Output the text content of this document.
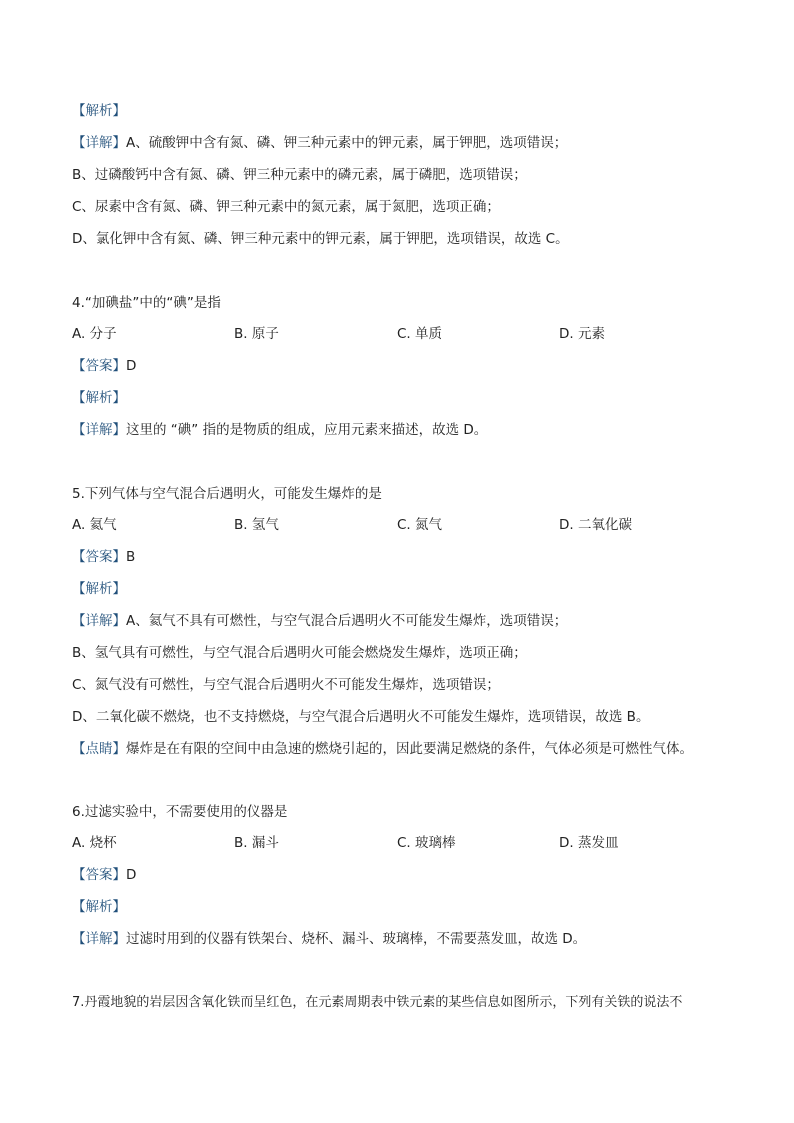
【解析】
【详解】A、硫酸钾中含有氮、磷、钾三种元素中的钾元素，属于钾肥，选项错误；
B、过磷酸钙中含有氮、磷、钾三种元素中的磷元素，属于磷肥，选项错误；
C、尿素中含有氮、磷、钾三种元素中的氮元素，属于氮肥，选项正确；
D、氯化钾中含有氮、磷、钾三种元素中的钾元素，属于钾肥，选项错误，故选 C。
4.“加碘盐”中的“碘”是指
A. 分子	B. 原子	C. 单质	D. 元素
【答案】D
【解析】
【详解】这里的 “碘” 指的是物质的组成，应用元素来描述，故选 D。
5.下列气体与空气混合后遇明火，可能发生爆炸的是
A. 氦气	B. 氢气	C. 氮气	D. 二氧化碳
【答案】B
【解析】
【详解】A、氦气不具有可燃性，与空气混合后遇明火不可能发生爆炸，选项错误；
B、氢气具有可燃性，与空气混合后遇明火可能会燃烧发生爆炸，选项正确；
C、氮气没有可燃性，与空气混合后遇明火不可能发生爆炸，选项错误；
D、二氧化碳不燃烧，也不支持燃烧，与空气混合后遇明火不可能发生爆炸，选项错误，故选 B。
【点睛】爆炸是在有限的空间中由急速的燃烧引起的，因此要满足燃烧的条件，气体必须是可燃性气体。
6.过滤实验中，不需要使用的仪器是
A. 烧杯	B. 漏斗	C. 玻璃棒	D. 蒸发皿
【答案】D
【解析】
【详解】过滤时用到的仪器有铁架台、烧杯、漏斗、玻璃棒，不需要蒸发皿，故选 D。
7.丹霞地貌的岩层因含氧化铁而呈红色，在元素周期表中铁元素的某些信息如图所示，下列有关铁的说法不
